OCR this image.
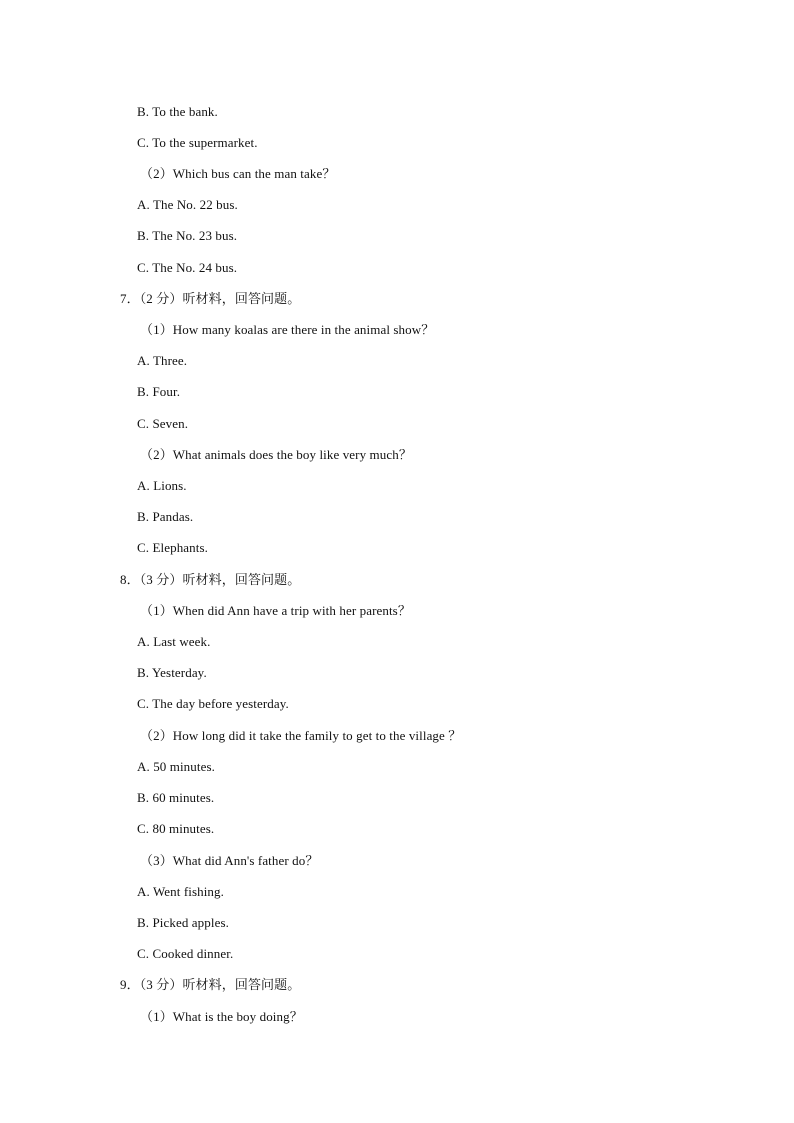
B. To the bank.
C. To the supermarket.
（2）Which bus can the man take？
A. The No. 22 bus.
B. The No. 23 bus.
C. The No. 24 bus.
7．（2 分）听材料，回答问题。
（1）How many koalas are there in the animal show？
A. Three.
B. Four.
C. Seven.
（2）What animals does the boy like very much？
A. Lions.
B. Pandas.
C. Elephants.
8．（3 分）听材料，回答问题。
（1）When did Ann have a trip with her parents？
A. Last week.
B. Yesterday.
C. The day before yesterday.
（2）How long did it take the family to get to the village ？
A. 50 minutes.
B. 60 minutes.
C. 80 minutes.
（3）What did Ann's father do？
A. Went fishing.
B. Picked apples.
C. Cooked dinner.
9．（3 分）听材料，回答问题。
（1）What is the boy doing？
